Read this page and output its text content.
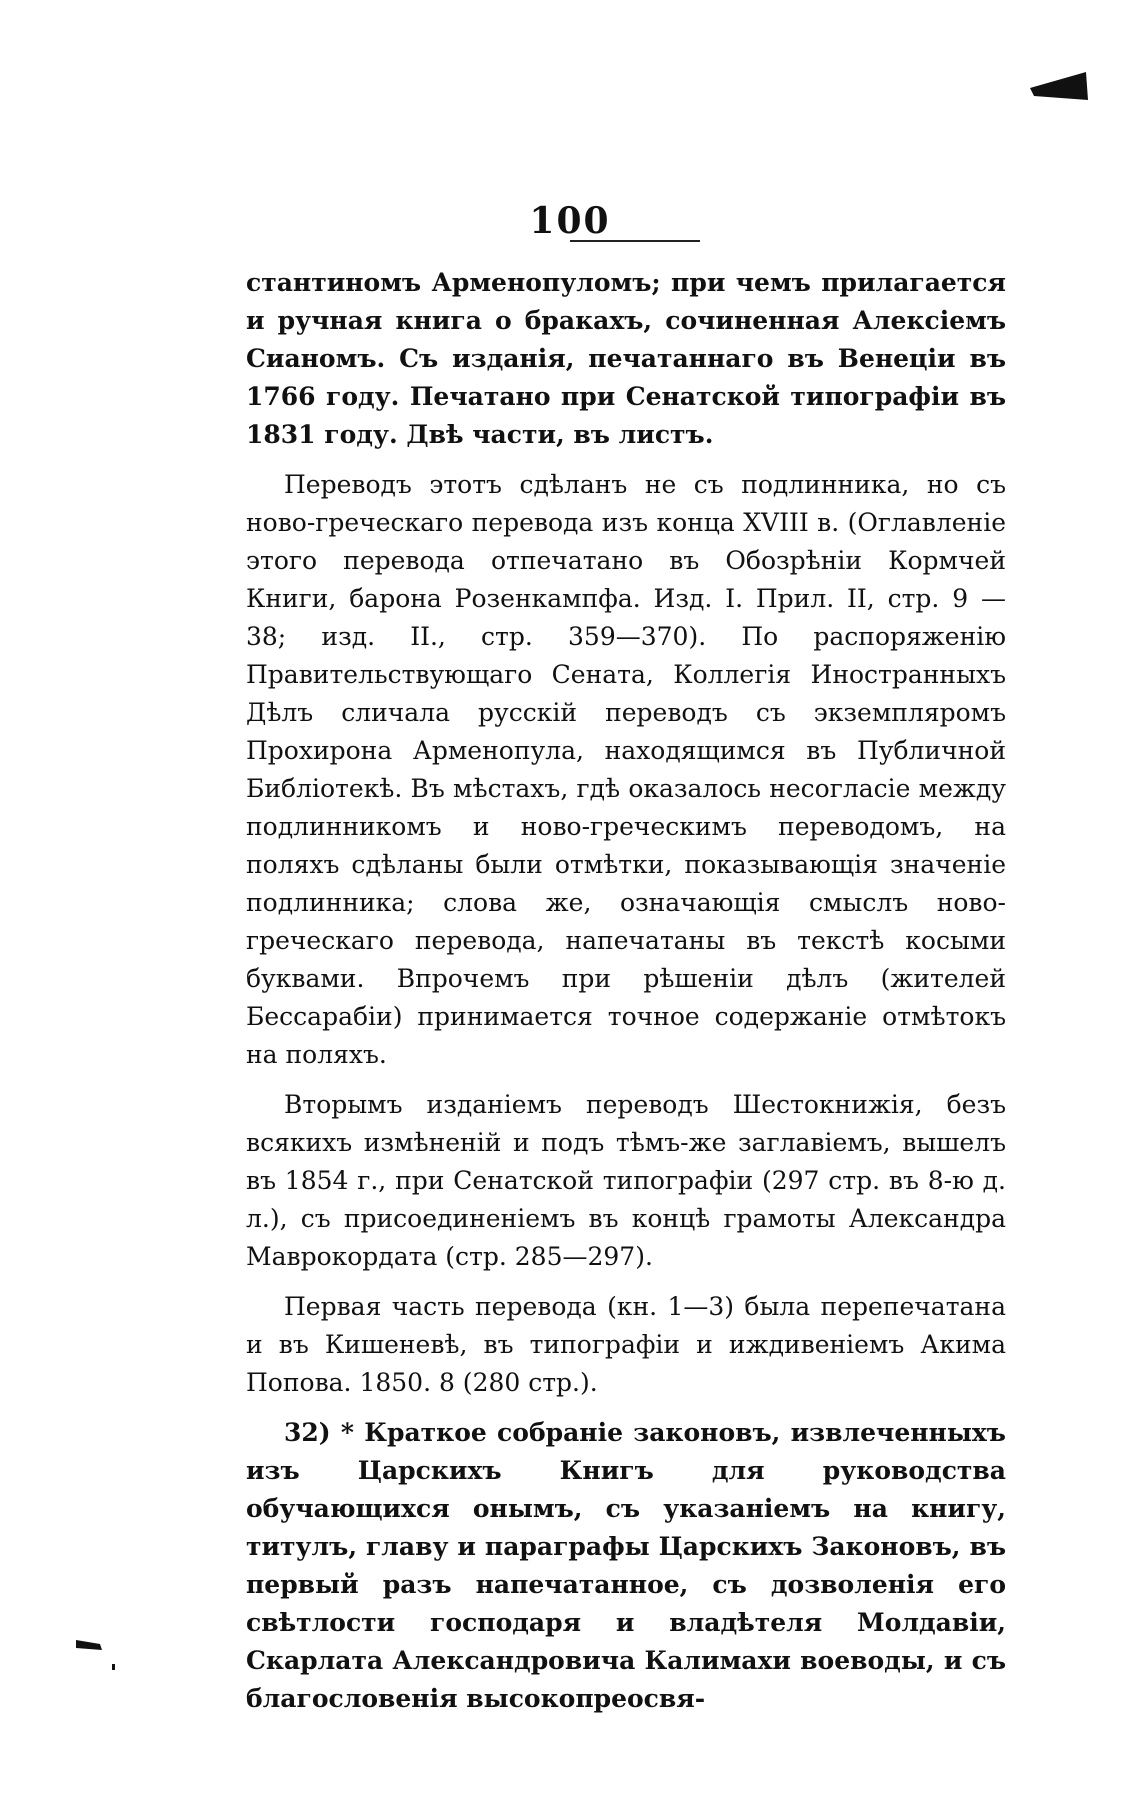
100

стантиномъ Арменопуломъ; при чемъ прилагается и ручная книга о бракахъ, сочиненная Алексіемъ Сианомъ. Съ изданія, печатаннаго въ Венеціи въ 1766 году. Печатано при Сенатской типографіи въ 1831 году. Двѣ части, въ листъ.

Переводъ этотъ сдѣланъ не съ подлинника, но съ ново-греческаго перевода изъ конца XVIII в. (Оглавленіе этого перевода отпечатано въ Обозрѣніи Кормчей Книги, барона Розенкампфа. Изд. I. Прил. II, стр. 9 — 38; изд. II., стр. 359—370). По распоряженію Правительствующаго Сената, Коллегія Иностранныхъ Дѣлъ сличала русскій переводъ съ экземпляромъ Прохирона Арменопула, находящимся въ Публичной Библіотекѣ. Въ мѣстахъ, гдѣ оказалось несогласіе между подлинникомъ и ново-греческимъ переводомъ, на поляхъ сдѣланы были отмѣтки, показывающія значеніе подлинника; слова же, означающія смыслъ ново-греческаго перевода, напечатаны въ текстѣ косыми буквами. Впрочемъ при рѣшеніи дѣлъ (жителей Бессарабіи) принимается точное содержаніе отмѣтокъ на поляхъ.

Вторымъ изданіемъ переводъ Шестокнижія, безъ всякихъ измѣненій и подъ тѣмъ-же заглавіемъ, вышелъ въ 1854 г., при Сенатской типографіи (297 стр. въ 8-ю д. л.), съ присоединеніемъ въ концѣ грамоты Александра Маврокордата (стр. 285—297).

Первая часть перевода (кн. 1—3) была перепечатана и въ Кишеневѣ, въ типографіи и иждивеніемъ Акима Попова. 1850. 8 (280 стр.).

32) * Краткое собраніе законовъ, извлеченныхъ изъ Царскихъ Книгъ для руководства обучающихся онымъ, съ указаніемъ на книгу, титулъ, главу и параграфы Царскихъ Законовъ, въ первый разъ напечатанное, съ дозволенія его свѣтлости господаря и владѣтеля Молдавіи, Скарлата Александровича Калимахи воеводы, и съ благословенія высокопреосвя-
